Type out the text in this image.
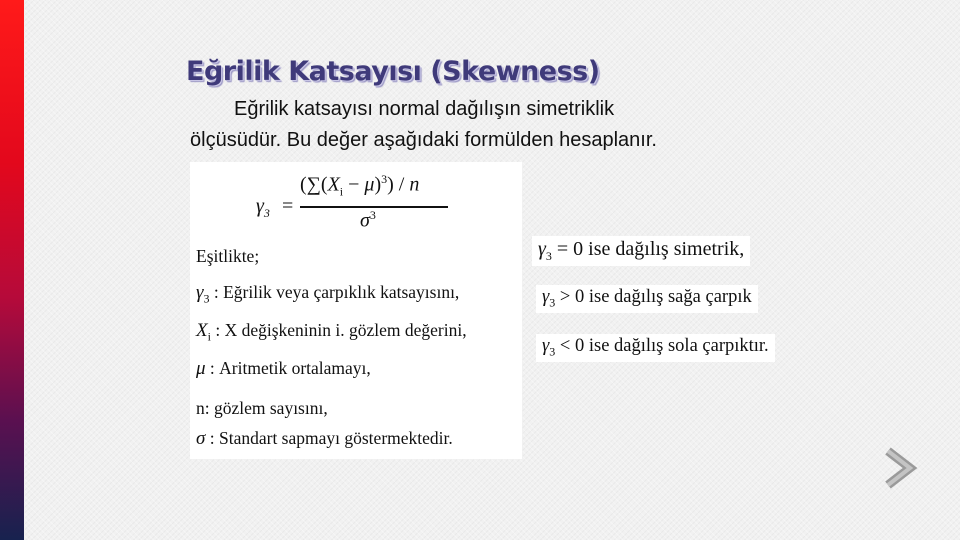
Eğrilik Katsayısı (Skewness)
Eğrilik katsayısı normal dağılışın simetriklik
ölçüsüdür. Bu değer aşağıdaki formülden hesaplanır.
$\gamma_3$ =
$(\sum(X_i - \mu)^3) / n$
$\sigma^3$
Eşitlikte;
$\gamma_3$ : Eğrilik veya çarpıklık katsayısını,
$X_i$ : X değişkeninin i. gözlem değerini,
μ : Aritmetik ortalamayı,
n: gözlem sayısını,
σ : Standart sapmayı göstermektedir.
$\gamma_3 = 0$ ise dağılış simetrik,
$\gamma_3 > 0$ ise dağılış sağa çarpık
$\gamma_3 < 0$ ise dağılış sola çarpıktır.
